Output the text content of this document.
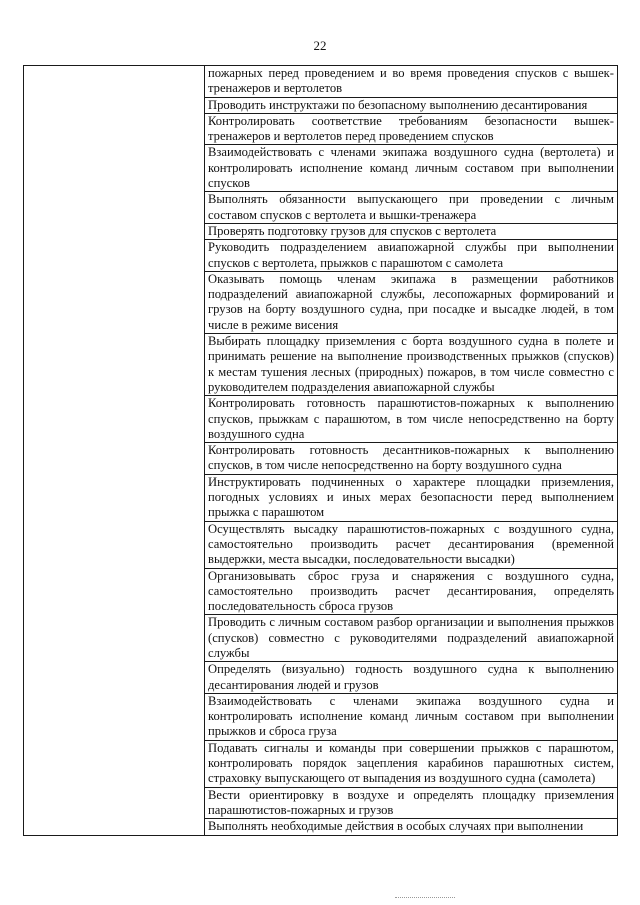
22

пожарных перед проведением и во время проведения спусков с вышек-тренажеров и вертолетов

Проводить инструктажи по безопасному выполнению десантирования

Контролировать соответствие требованиям безопасности вышек-тренажеров и вертолетов перед проведением спусков

Взаимодействовать с членами экипажа воздушного судна (вертолета) и контролировать исполнение команд личным составом при выполнении спусков

Выполнять обязанности выпускающего при проведении с личным составом спусков с вертолета и вышки-тренажера

Проверять подготовку грузов для спусков с вертолета

Руководить подразделением авиапожарной службы при выполнении спусков с вертолета, прыжков с парашютом с самолета

Оказывать помощь членам экипажа в размещении работников подразделений авиапожарной службы, лесопожарных формирований и грузов на борту воздушного судна, при посадке и высадке людей, в том числе в режиме висения

Выбирать площадку приземления с борта воздушного судна в полете и принимать решение на выполнение производственных прыжков (спусков) к местам тушения лесных (природных) пожаров, в том числе совместно с руководителем подразделения авиапожарной службы

Контролировать готовность парашютистов-пожарных к выполнению спусков, прыжкам с парашютом, в том числе непосредственно на борту воздушного судна

Контролировать готовность десантников-пожарных к выполнению спусков, в том числе непосредственно на борту воздушного судна

Инструктировать подчиненных о характере площадки приземления, погодных условиях и иных мерах безопасности перед выполнением прыжка с парашютом

Осуществлять высадку парашютистов-пожарных с воздушного судна, самостоятельно производить расчет десантирования (временной выдержки, места высадки, последовательности высадки)

Организовывать сброс груза и снаряжения с воздушного судна, самостоятельно производить расчет десантирования, определять последовательность сброса грузов

Проводить с личным составом разбор организации и выполнения прыжков (спусков) совместно с руководителями подразделений авиапожарной службы

Определять (визуально) годность воздушного судна к выполнению десантирования людей и грузов

Взаимодействовать с членами экипажа воздушного судна и контролировать исполнение команд личным составом при выполнении прыжков и сброса груза

Подавать сигналы и команды при совершении прыжков с парашютом, контролировать порядок зацепления карабинов парашютных систем, страховку выпускающего от выпадения из воздушного судна (самолета)

Вести ориентировку в воздухе и определять площадку приземления парашютистов-пожарных и грузов

Выполнять необходимые действия в особых случаях при выполнении
